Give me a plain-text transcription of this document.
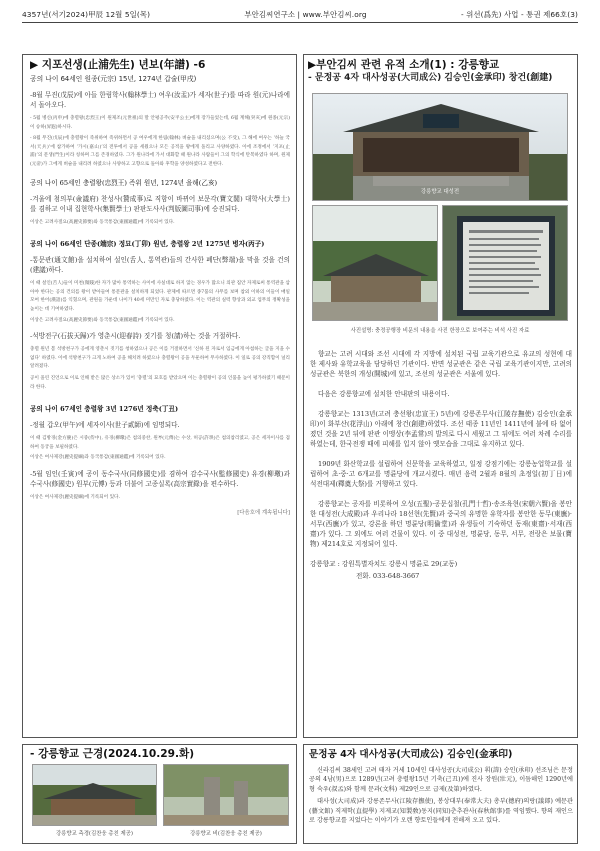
4357년(서기2024)甲辰 12월 5일(목)	부안김씨연구소 | www.부안김씨.org	- 위선(爲先) 사업 - 통권 제66호(3)
▶ 지포선생(止浦先生) 년보(年譜) -6
공의 나이 64세인 원종(元宗) 15년, 1274년 갑술(甲戌)
-8월 무진(戊辰)에 아들 한림학사(翰林學士) 여우(汝盂)가 세자(世子)를 따라 원(元)나라에서 돌아오다.
- 5월 병신(丙申)에 충렬왕(忠烈王)이 원제조(元世祖)의 딸 안평공주(安平公主)에게 장가들었는데, 6월 계해(癸亥)에 원종(元宗)이 승하(昇遐)하시다.
- 8월 무진(戊辰)에 충렬왕이 즉위하여 즉위하면서 공 여우에게 한림(翰林) 벼슬을 내리셨으며(公 不受), 그 해에 여우는 ‘하늘 국서(天兵)’에 참가하여 ‘가시(嘉山)’의 전투에서 공을 세웠으나 모든 공적을 왕에게 돌리고 사양하였다. 이에 조정에서 ‘지포(止浦)’의 문생(門生)이라 칭하며 그를 존경하였다. 그가 원나라에 가서 대화할 때 원나라 사람들이 그의 학식에 탄복하였다 하며, 원제(元帝)가 그에게 벼슬을 내리려 하였으나 사양하고 고향으로 돌아와 후학을 양성하였다고 전한다.
공의 나이 65세인 충렬왕(忠烈王) 즉위 원년, 1274년 을해(乙亥)
-겨울에 첨의부(僉議府) 찬성사(贊成事)로 직함이 바뀌어 보문각(寶文閣) 대학사(大學士)를 겸하고 이내 집현학사(集賢學士) 판판도사사(判版圖司事)에 승진되다.
이상은 고려사절요(高麗史節要)와 동국통감(東國通鑑)에 기록되어 있다.
공의 나이 66세인 단종(端宗) 정묘(丁卯) 원년, 충렬왕 2년 1275년 병자(丙子)
-통문관(通文館)을 설치하여 설인(舌人, 통역관)들의 간사한 폐단(弊端)을 막을 것을 건의(建議)하다.
이 때 설인(舌人)들이 미천(微賤)한 자가 많아 통역하는 사이에 사실대로 하지 않는 경우가 많으니 의관 집안 자제로써 통역관을 삼아야 한다는 공의 건의를 왕이 받아들여 통문관을 설치하게 되었다. 관제에 따르면 종7품의 사무를 보며 참외 이하의 이들이 매일 모여 한어(漢語)를 익혔으며, 관원들 가운데 나이가 40세 미만인 자로 충당하였다. 이는 역관의 실력 향상과 외교 업무의 정확성을 높이는 데 기여하였다.
이상은 고려사절요(高麗史節要)와 동국통감(東國通鑑)에 기록되어 있다.
-석방전구(石拔天歸)가 영춘시(迎春詩) 짓기를 청(請)하는 것을 거절하다.
충렬 원년 봄 석방천구가 공에게 영춘시 짓기를 청하였으나 공은 이를 거절하면서 ‘신하 된 자로서 임금에게 아첨하는 글을 지을 수 없다’ 하였다. 이에 석방천구가 크게 노하여 공을 해치려 하였으나 충렬왕이 공을 두둔하여 무사하였다. 이 일로 공의 강직함이 널리 알려졌다.
공이 올린 진언으로 이로 인해 받은 많은 상소가 있어 ‘충렬’의 묘호를 받았으며 이는 충렬왕이 공의 인품을 높이 평가하였기 때문이라 한다.
공의 나이 67세인 충렬왕 3년 1276년 정축(丁丑)
-정월 갑오(甲午)에 세자이사(世子貳師)에 임명되다.
이 때 김방경(金方慶)은 시중(侍中), 유경(柳璥)은 첨의중찬, 원부(元傅)는 수상, 허공(許珙)은 첨의참리였고, 공은 세자이사를 겸하여 동궁을 보필하였다.
이상은 여사제강(麗史提綱)과 동국통감(東國通鑑)에 기록되어 있다.
-5월 임인(壬寅)에 공이 동수국사(同修國史)를 겸하여 감수국사(監修國史) 유경(柳璥)과 수국사(修國史) 원부(元傅) 등과 더불어 고종실록(高宗實錄)을 편수하다.
이상은 여사제강(麗史提綱)에 기록되어 있다.
[다음호에 계속됩니다]
▶부안김씨 관련 유적 소개(1) : 강릉향교
- 문정공 4자 대사성공(大司成公) 김승인(金承印) 창건(創建)
강릉향교 대성전
사진설명: 충정공행장 비문의 내용을 사진 한장으로 보여주는 비석 사진 자료
향교는 고려 시대와 조선 시대에 각 지방에 설치된 국립 교육기관으로 유교의 성현에 대한 제사와 유학교육을 담당하던 기관이다. 반면 성균관은 같은 국립 교육기관이지만, 고려의 성균관은 북한의 개성(開城)에 있고, 조선의 성균관은 서울에 있다.
다음은 강릉향교에 설치한 안내판의 내용이다.
강릉향교는 1313년(고려 충선왕(忠宣王) 5년)에 강릉존무사(江陵存撫使) 김승인(金承印)이 화부산(花浮山) 아래에 창건(創建)하였다. 조선 태종 11년인 1411년에 불에 타 없어졌던 것을 2년 뒤에 판관 이맹상(李孟常)의 발의로 다시 세웠고 그 뒤에도 여러 차례 수리를 하였는데, 한국전쟁 때에 피해를 입지 않아 옛모습을 그대로 유지하고 있다.
1909년 화산학교를 설립하여 신문학을 교육하였고, 일정 강점기에는 강릉농업학교를 설립하여 초·중·고 6개교를 명륜당에 개교시켰다. 매년 음력 2월과 8월의 초정일(初丁日)에 석전대제(釋奠大祭)를 거행하고 있다.
강릉향교는 공자를 비롯하여 오성(五聖)·공문십철(孔門十哲)·송조육현(宋朝六賢)을 봉안한 대성전(大成殿)과 우리나라 18선현(先賢)과 중국의 유명한 유학자를 봉안한 동무(東廡)·서무(西廡)가 있고, 강론을 하던 명륜당(明倫堂)과 유생들이 기숙하던 동재(東齋)·서재(西齋)가 있다. 그 외에도 여러 건물이 있다. 이 중 대성전, 명륜당, 동무, 서무, 전랑은 보물(寶物) 제214호로 지정되어 있다.
강릉향교 : 강원특별자치도 강릉시 명륜로 29(교동)
전화. 033-648-3667
- 강릉향교 근경(2024.10.29.화)
강릉향교 측경(김찬웅 총친 제공)	강릉향교 비(김찬웅 총친 제공)
문정공 4자 대사성공(大司成公) 김승인(金承印)
신라김씨 38세인 고려 태자 거세 10세인 대사성공(大司成公) 휘(諱) 승인(承印) 선조님은 문정공의 4남(男)으로 1289년(고려 충렬왕15년 기축(己丑))에 진사 장원(壯元), 이듬해인 1290년에 형 숙우(叔孟)와 함께 문과(文科) 제29인으로 급제(及第)하였다.
대사성(大司成)과 강릉존무사(江陵存撫使), 봉상대부(奉常大夫) 총부(摠府)의랑(議郞) 예문관(藝文館) 직제학(直提學) 지제교(知製敎)동지(同知)춘추관사(春秋館事)를 역임했다. 향의 재인으로 강릉향교를 지었다는 이야기가 오랜 향토인들에게 전해져 오고 있다.
